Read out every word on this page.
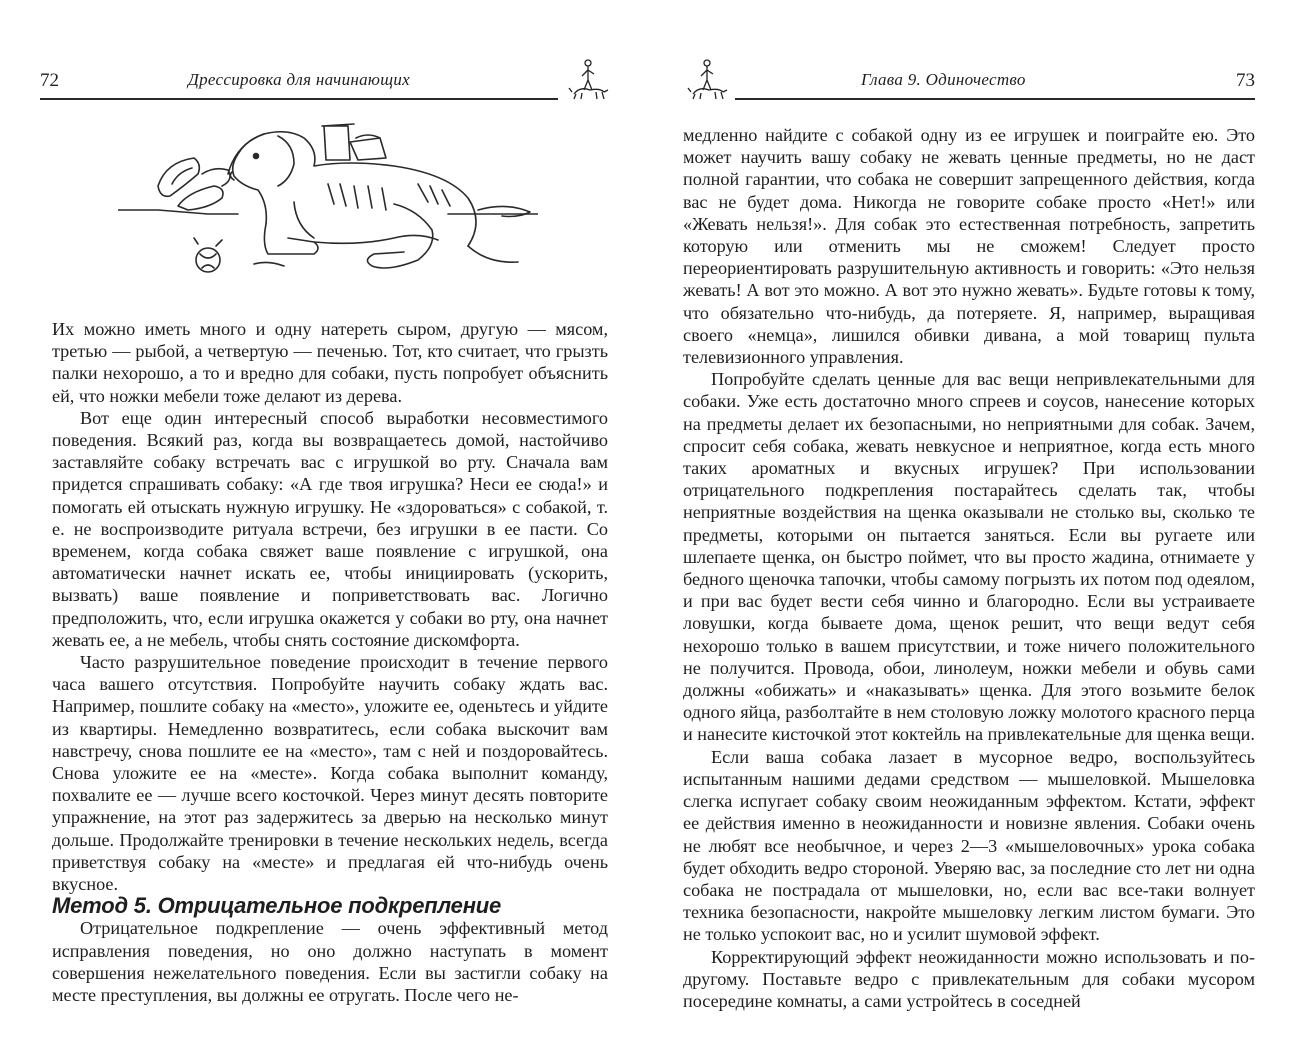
72	Дрессировка для начинающих

Их можно иметь много и одну натереть сыром, другую — мясом, третью — рыбой, а четвертую — печенью. Тот, кто считает, что грызть палки нехорошо, а то и вредно для собаки, пусть попробует объяснить ей, что ножки мебели тоже делают из дерева.

Вот еще один интересный способ выработки несовместимого поведения. Всякий раз, когда вы возвращаетесь домой, настойчиво заставляйте собаку встречать вас с игрушкой во рту. Сначала вам придется спрашивать собаку: «А где твоя игрушка? Неси ее сюда!» и помогать ей отыскать нужную игрушку. Не «здороваться» с собакой, т. е. не воспроизводите ритуала встречи, без игрушки в ее пасти. Со временем, когда собака свяжет ваше появление с игрушкой, она автоматически начнет искать ее, чтобы инициировать (ускорить, вызвать) ваше появление и поприветствовать вас. Логично предположить, что, если игрушка окажется у собаки во рту, она начнет жевать ее, а не мебель, чтобы снять состояние дискомфорта.

Часто разрушительное поведение происходит в течение первого часа вашего отсутствия. Попробуйте научить собаку ждать вас. Например, пошлите собаку на «место», уложите ее, оденьтесь и уйдите из квартиры. Немедленно возвратитесь, если собака выскочит вам навстречу, снова пошлите ее на «место», там с ней и поздоровайтесь. Снова уложите ее на «месте». Когда собака выполнит команду, похвалите ее — лучше всего косточкой. Через минут десять повторите упражнение, на этот раз задержитесь за дверью на несколько минут дольше. Продолжайте тренировки в течение нескольких недель, всегда приветствуя собаку на «месте» и предлагая ей что-нибудь очень вкусное.

Метод 5. Отрицательное подкрепление

Отрицательное подкрепление — очень эффективный метод исправления поведения, но оно должно наступать в момент совершения нежелательного поведения. Если вы застигли собаку на месте преступления, вы должны ее отругать. После чего не-

Глава 9. Одиночество	73

медленно найдите с собакой одну из ее игрушек и поиграйте ею. Это может научить вашу собаку не жевать ценные предметы, но не даст полной гарантии, что собака не совершит запрещенного действия, когда вас не будет дома. Никогда не говорите собаке просто «Нет!» или «Жевать нельзя!». Для собак это естественная потребность, запретить которую или отменить мы не сможем! Следует просто переориентировать разрушительную активность и говорить: «Это нельзя жевать! А вот это можно. А вот это нужно жевать». Будьте готовы к тому, что обязательно что-нибудь, да потеряете. Я, например, выращивая своего «немца», лишился обивки дивана, а мой товарищ пульта телевизионного управления.

Попробуйте сделать ценные для вас вещи непривлекательными для собаки. Уже есть достаточно много спреев и соусов, нанесение которых на предметы делает их безопасными, но неприятными для собак. Зачем, спросит себя собака, жевать невкусное и неприятное, когда есть много таких ароматных и вкусных игрушек? При использовании отрицательного подкрепления постарайтесь сделать так, чтобы неприятные воздействия на щенка оказывали не столько вы, сколько те предметы, которыми он пытается заняться. Если вы ругаете или шлепаете щенка, он быстро поймет, что вы просто жадина, отнимаете у бедного щеночка тапочки, чтобы самому погрызть их потом под одеялом, и при вас будет вести себя чинно и благородно. Если вы устраиваете ловушки, когда бываете дома, щенок решит, что вещи ведут себя нехорошо только в вашем присутствии, и тоже ничего положительного не получится. Провода, обои, линолеум, ножки мебели и обувь сами должны «обижать» и «наказывать» щенка. Для этого возьмите белок одного яйца, разболтайте в нем столовую ложку молотого красного перца и нанесите кисточкой этот коктейль на привлекательные для щенка вещи.

Если ваша собака лазает в мусорное ведро, воспользуйтесь испытанным нашими дедами средством — мышеловкой. Мышеловка слегка испугает собаку своим неожиданным эффектом. Кстати, эффект ее действия именно в неожиданности и новизне явления. Собаки очень не любят все необычное, и через 2—3 «мышеловочных» урока собака будет обходить ведро стороной. Уверяю вас, за последние сто лет ни одна собака не пострадала от мышеловки, но, если вас все-таки волнует техника безопасности, накройте мышеловку легким листом бумаги. Это не только успокоит вас, но и усилит шумовой эффект.

Корректирующий эффект неожиданности можно использовать и по-другому. Поставьте ведро с привлекательным для собаки мусором посередине комнаты, а сами устройтесь в соседней
